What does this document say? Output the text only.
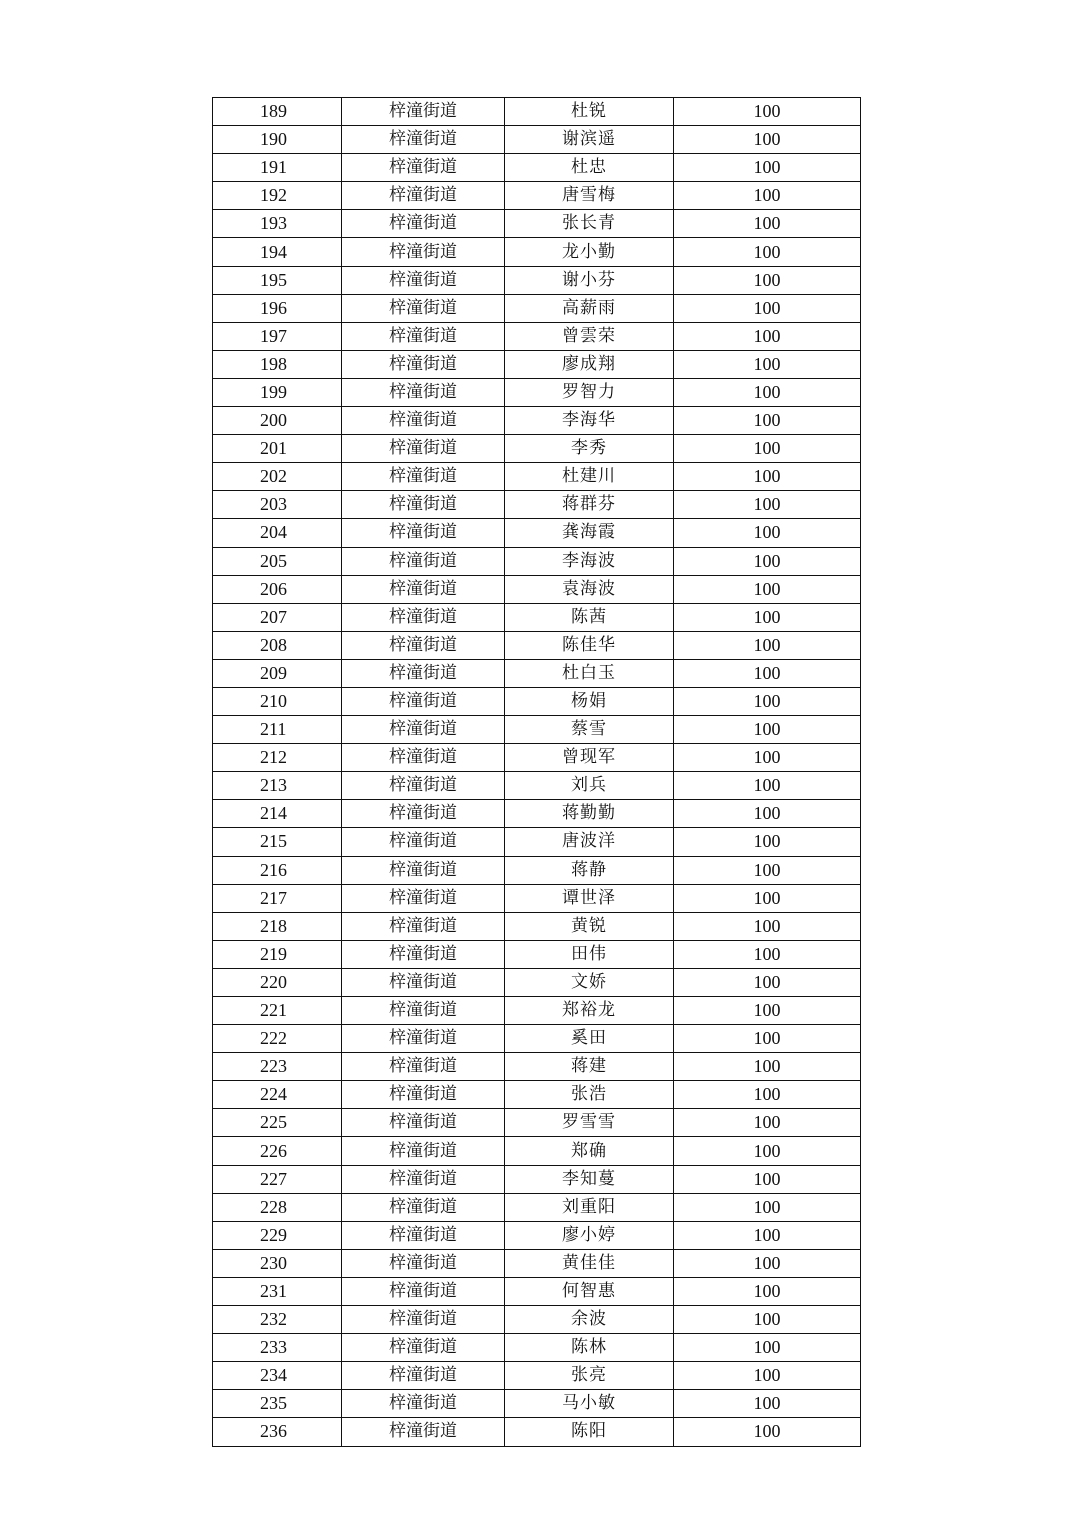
189	梓潼街道	杜锐	100
190	梓潼街道	谢滨遥	100
191	梓潼街道	杜忠	100
192	梓潼街道	唐雪梅	100
193	梓潼街道	张长青	100
194	梓潼街道	龙小勤	100
195	梓潼街道	谢小芬	100
196	梓潼街道	高薪雨	100
197	梓潼街道	曾雲荣	100
198	梓潼街道	廖成翔	100
199	梓潼街道	罗智力	100
200	梓潼街道	李海华	100
201	梓潼街道	李秀	100
202	梓潼街道	杜建川	100
203	梓潼街道	蒋群芬	100
204	梓潼街道	龚海霞	100
205	梓潼街道	李海波	100
206	梓潼街道	袁海波	100
207	梓潼街道	陈茜	100
208	梓潼街道	陈佳华	100
209	梓潼街道	杜白玉	100
210	梓潼街道	杨娟	100
211	梓潼街道	蔡雪	100
212	梓潼街道	曾现军	100
213	梓潼街道	刘兵	100
214	梓潼街道	蒋勤勤	100
215	梓潼街道	唐波洋	100
216	梓潼街道	蒋静	100
217	梓潼街道	谭世泽	100
218	梓潼街道	黄锐	100
219	梓潼街道	田伟	100
220	梓潼街道	文娇	100
221	梓潼街道	郑裕龙	100
222	梓潼街道	奚田	100
223	梓潼街道	蒋建	100
224	梓潼街道	张浩	100
225	梓潼街道	罗雪雪	100
226	梓潼街道	郑确	100
227	梓潼街道	李知蔓	100
228	梓潼街道	刘重阳	100
229	梓潼街道	廖小婷	100
230	梓潼街道	黄佳佳	100
231	梓潼街道	何智惠	100
232	梓潼街道	余波	100
233	梓潼街道	陈林	100
234	梓潼街道	张亮	100
235	梓潼街道	马小敏	100
236	梓潼街道	陈阳	100
